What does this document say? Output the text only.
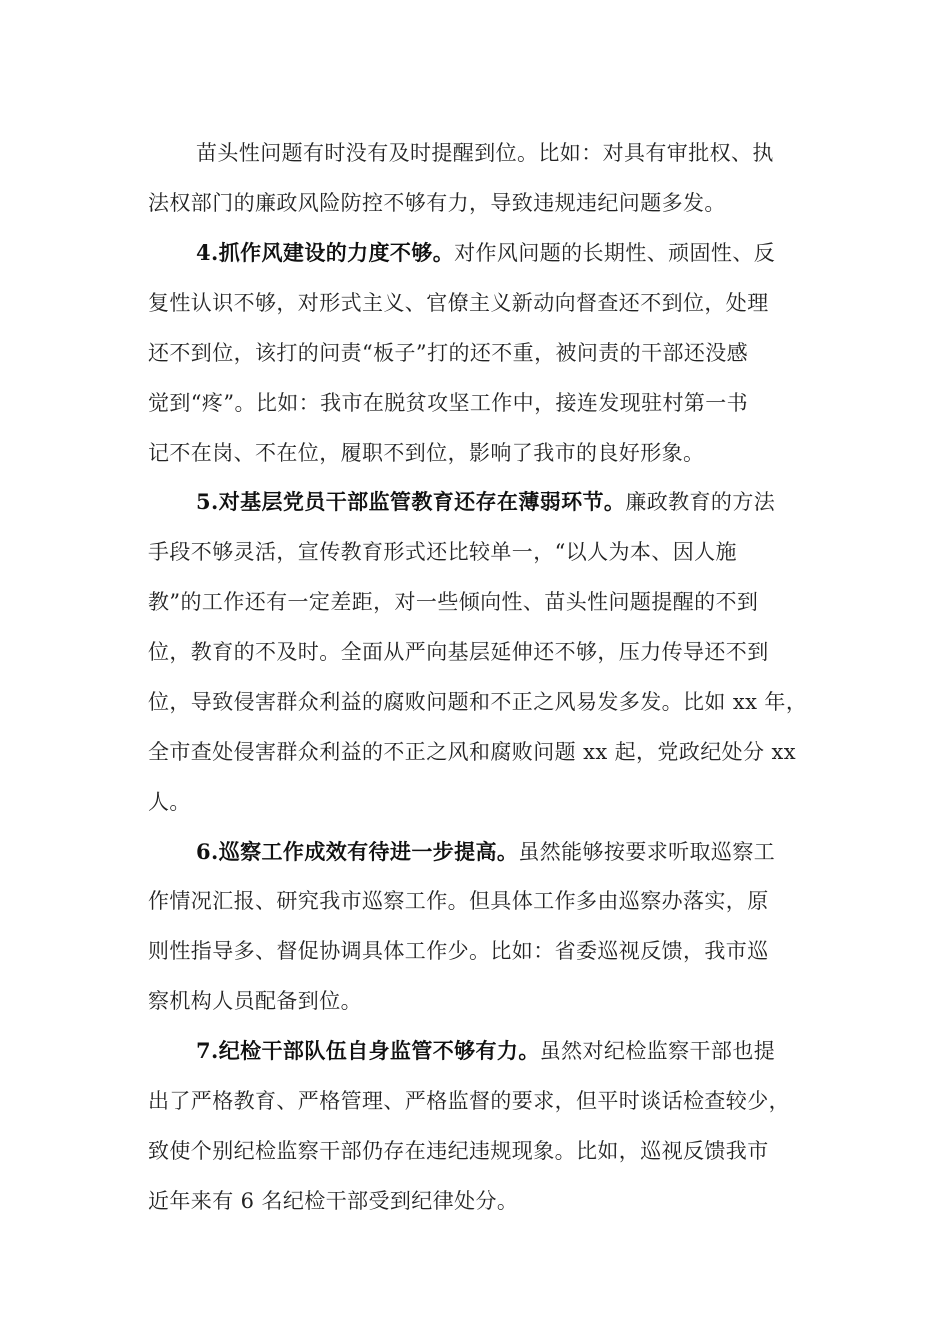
苗头性问题有时没有及时提醒到位。比如：对具有审批权、执
法权部门的廉政风险防控不够有力，导致违规违纪问题多发。
4.抓作风建设的力度不够。对作风问题的长期性、顽固性、反
复性认识不够，对形式主义、官僚主义新动向督查还不到位，处理
还不到位，该打的问责“板子”打的还不重，被问责的干部还没感
觉到“疼”。比如：我市在脱贫攻坚工作中，接连发现驻村第一书
记不在岗、不在位，履职不到位，影响了我市的良好形象。
5.对基层党员干部监管教育还存在薄弱环节。廉政教育的方法
手段不够灵活，宣传教育形式还比较单一，“以人为本、因人施
教”的工作还有一定差距，对一些倾向性、苗头性问题提醒的不到
位，教育的不及时。全面从严向基层延伸还不够，压力传导还不到
位，导致侵害群众利益的腐败问题和不正之风易发多发。比如 xx 年，
全市查处侵害群众利益的不正之风和腐败问题 xx 起，党政纪处分 xx
人。
6.巡察工作成效有待进一步提高。虽然能够按要求听取巡察工
作情况汇报、研究我市巡察工作。但具体工作多由巡察办落实，原
则性指导多、督促协调具体工作少。比如：省委巡视反馈，我市巡
察机构人员配备到位。
7.纪检干部队伍自身监管不够有力。虽然对纪检监察干部也提
出了严格教育、严格管理、严格监督的要求，但平时谈话检查较少，
致使个别纪检监察干部仍存在违纪违规现象。比如，巡视反馈我市
近年来有 6 名纪检干部受到纪律处分。
